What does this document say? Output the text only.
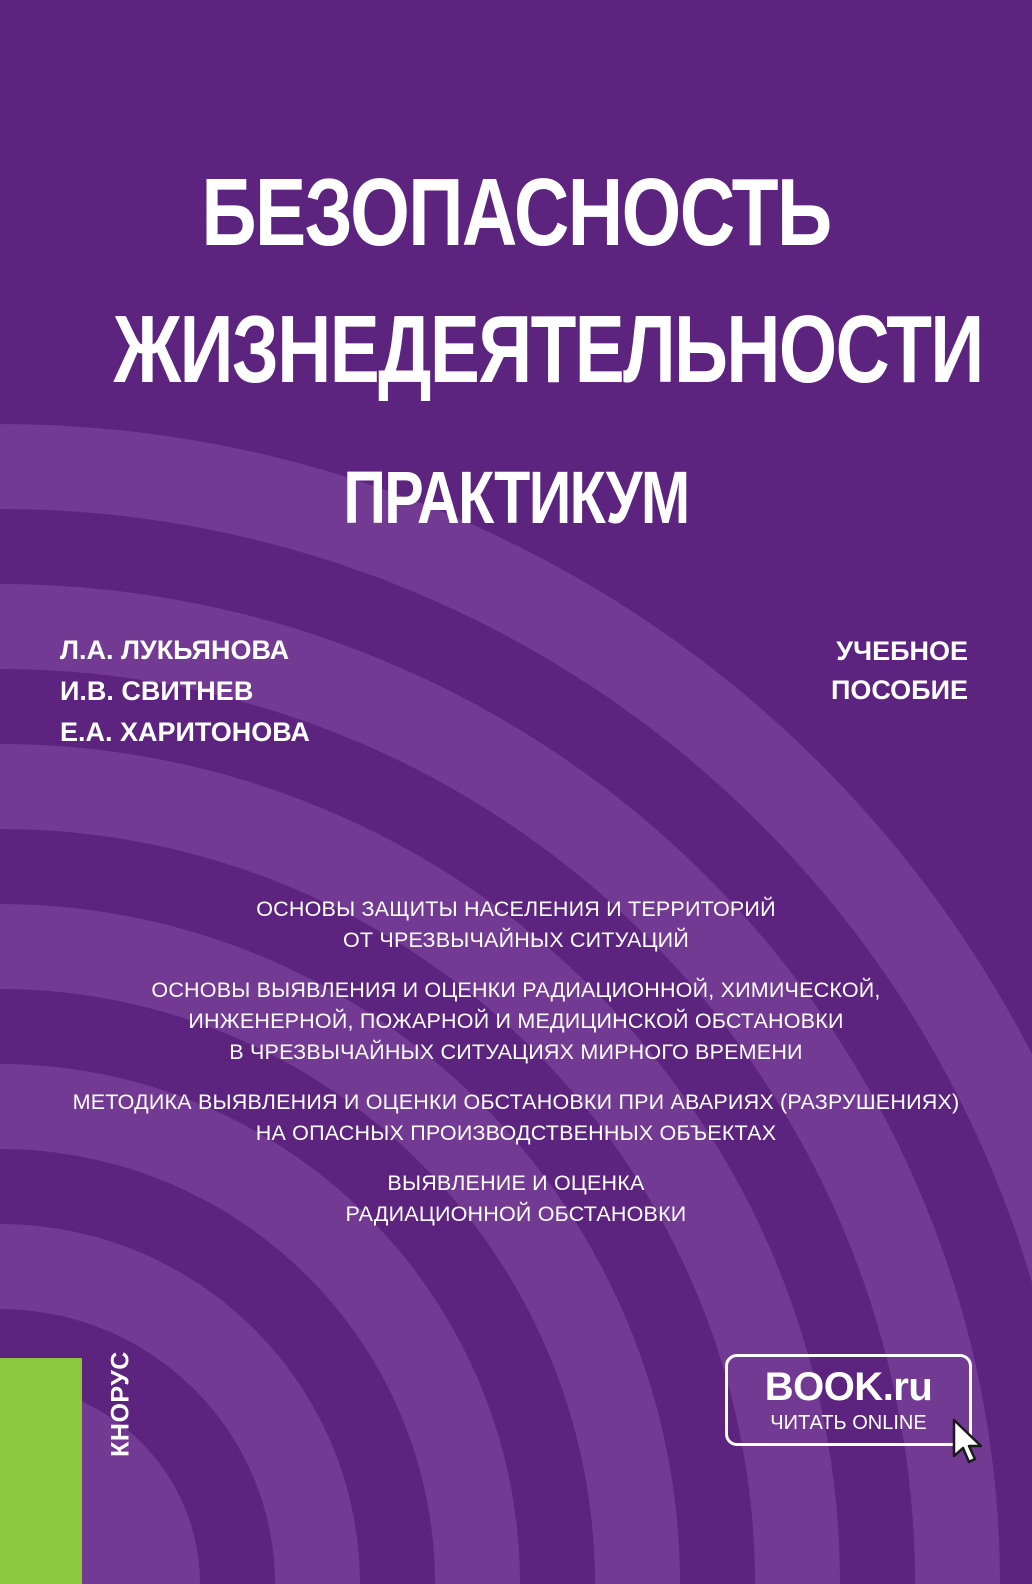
БЕЗОПАСНОСТЬ
ЖИЗНЕДЕЯТЕЛЬНОСТИ
ПРАКТИКУМ
Л.А. ЛУКЬЯНОВА
И.В. СВИТНЕВ
Е.А. ХАРИТОНОВА
УЧЕБНОЕ
ПОСОБИЕ
ОСНОВЫ ЗАЩИТЫ НАСЕЛЕНИЯ И ТЕРРИТОРИЙ
ОТ ЧРЕЗВЫЧАЙНЫХ СИТУАЦИЙ
ОСНОВЫ ВЫЯВЛЕНИЯ И ОЦЕНКИ РАДИАЦИОННОЙ, ХИМИЧЕСКОЙ,
ИНЖЕНЕРНОЙ, ПОЖАРНОЙ И МЕДИЦИНСКОЙ ОБСТАНОВКИ
В ЧРЕЗВЫЧАЙНЫХ СИТУАЦИЯХ МИРНОГО ВРЕМЕНИ
МЕТОДИКА ВЫЯВЛЕНИЯ И ОЦЕНКИ ОБСТАНОВКИ ПРИ АВАРИЯХ (РАЗРУШЕНИЯХ)
НА ОПАСНЫХ ПРОИЗВОДСТВЕННЫХ ОБЪЕКТАХ
ВЫЯВЛЕНИЕ И ОЦЕНКА
РАДИАЦИОННОЙ ОБСТАНОВКИ
КНОРУС	BOOK.ru
ЧИТАТЬ ONLINE
